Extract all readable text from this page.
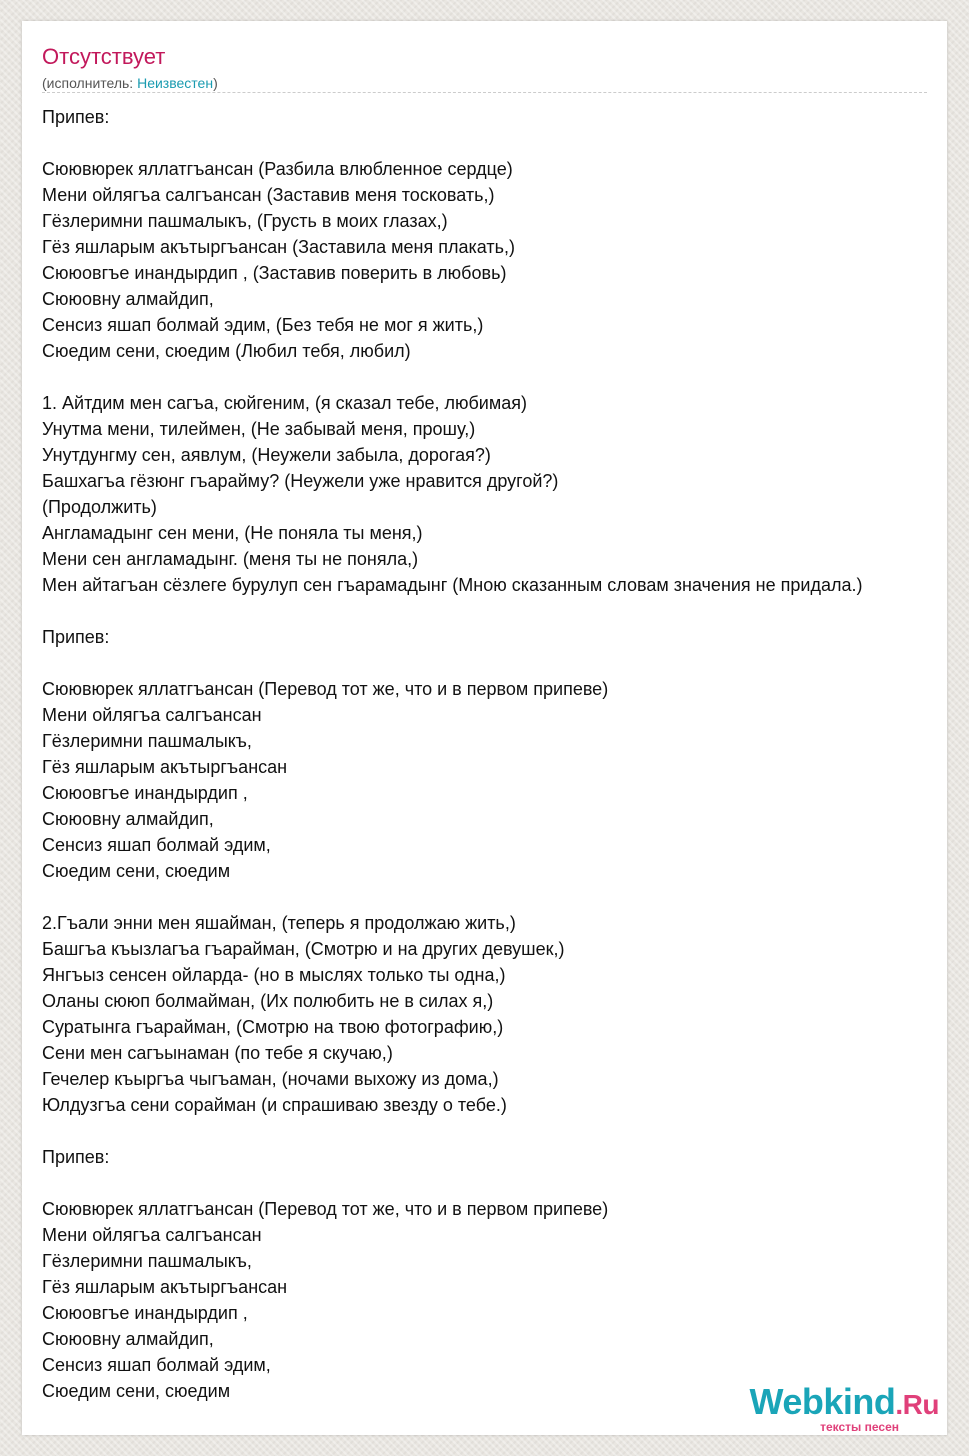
Отсутствует
(исполнитель: Неизвестен)
Припев:
Сюювюрек яллатгъансан (Разбила влюбленное сердце)
Мени ойлягъа салгъансан (Заставив меня тосковать,)
Гёзлеримни пашмалыкъ, (Грусть в моих глазах,)
Гёз яшларым акътыргъансан (Заставила меня плакать,)
Сююовгъе инандырдип , (Заставив поверить в любовь)
Сююовну алмайдип,
Сенсиз яшап болмай эдим, (Без тебя не мог я жить,)
Сюедим сени, сюедим (Любил тебя, любил)
1. Айтдим мен сагъа, сюйгеним, (я сказал тебе, любимая)
Унутма мени, тилеймен, (Не забывай меня, прошу,)
Унутдунгму сен, аявлум, (Неужели забыла, дорогая?)
Башхагъа гёзюнг гъарайму? (Неужели уже нравится другой?)
(Продолжить)
Англамадынг сен мени, (Не поняла ты меня,)
Мени сен англамадынг. (меня ты не поняла,)
Мен айтагъан сёзлеге бурулуп сен гъарамадынг (Мною сказанным словам значения не придала.)
Припев:
Сюювюрек яллатгъансан (Перевод тот же, что и в первом припеве)
Мени ойлягъа салгъансан
Гёзлеримни пашмалыкъ,
Гёз яшларым акътыргъансан
Сююовгъе инандырдип ,
Сююовну алмайдип,
Сенсиз яшап болмай эдим,
Сюедим сени, сюедим
2.Гъали энни мен яшайман, (теперь я продолжаю жить,)
Башгъа къызлагъа гъарайман, (Смотрю и на других девушек,)
Янгъыз сенсен ойларда- (но в мыслях только ты одна,)
Оланы сююп болмайман, (Их полюбить не в силах я,)
Суратынга гъарайман, (Смотрю на твою фотографию,)
Сени мен сагъынаман (по тебе я скучаю,)
Гечелер къыргъа чыгъаман, (ночами выхожу из дома,)
Юлдузгъа сени сорайман (и спрашиваю звезду о тебе.)
Припев:
Сюювюрек яллатгъансан (Перевод тот же, что и в первом припеве)
Мени ойлягъа салгъансан
Гёзлеримни пашмалыкъ,
Гёз яшларым акътыргъансан
Сююовгъе инандырдип ,
Сююовну алмайдип,
Сенсиз яшап болмай эдим,
Сюедим сени, сюедим	Webkind.Ru
тексты песен
